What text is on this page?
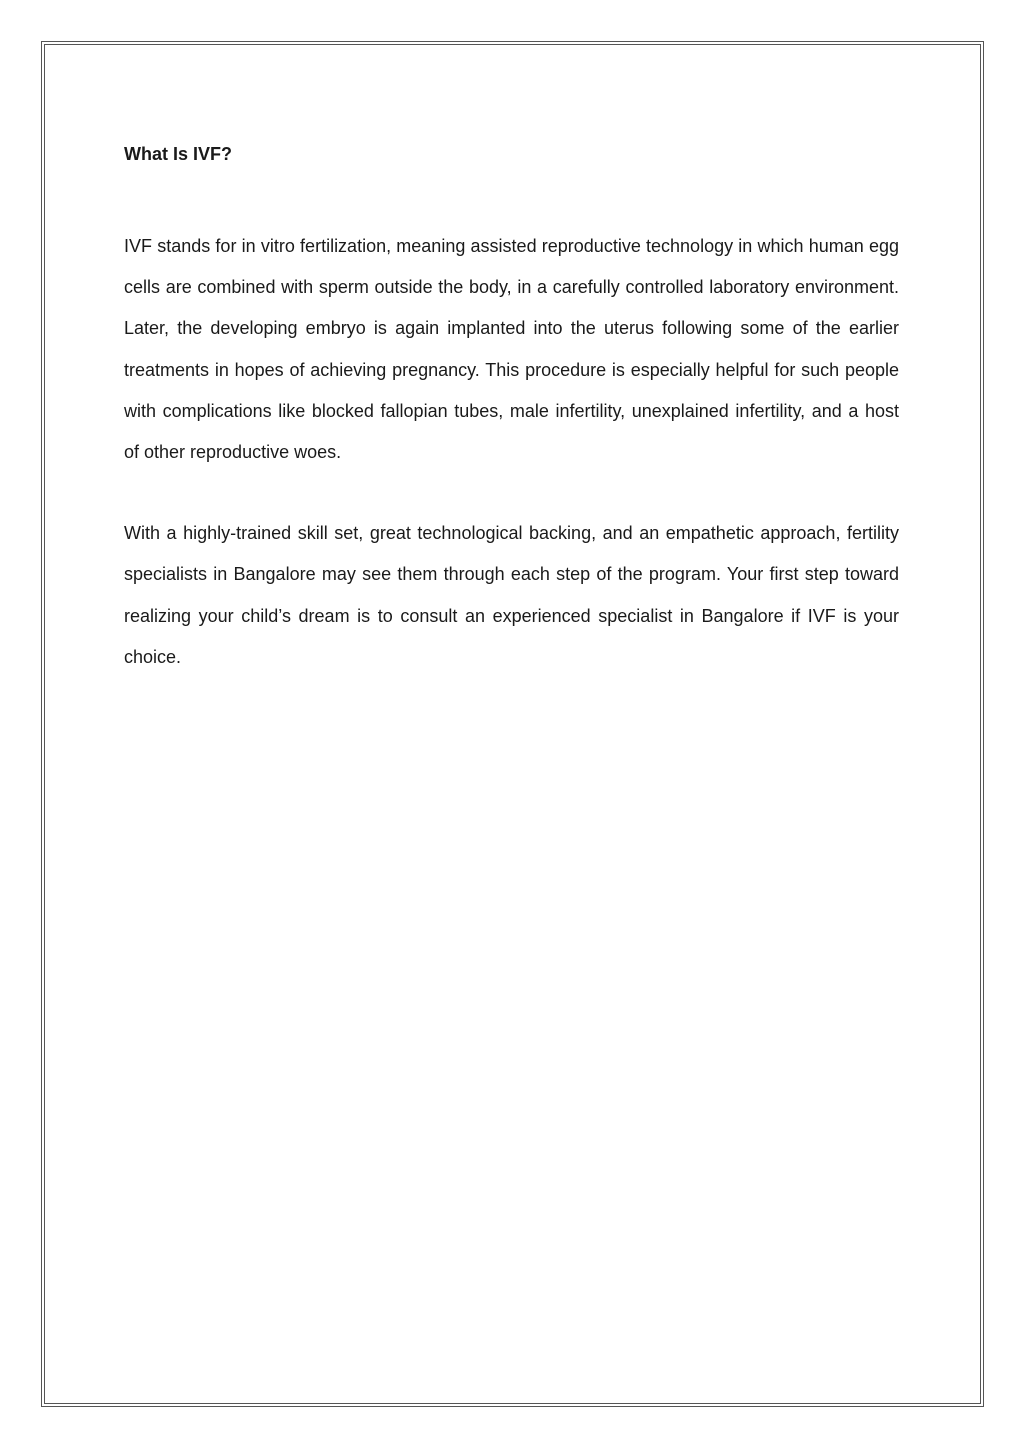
What Is IVF?

IVF stands for in vitro fertilization, meaning assisted reproductive technology in which human egg cells are combined with sperm outside the body, in a carefully controlled laboratory environment. Later, the developing embryo is again implanted into the uterus following some of the earlier treatments in hopes of achieving pregnancy. This procedure is especially helpful for such people with complications like blocked fallopian tubes, male infertility, unexplained infertility, and a host of other reproductive woes.

With a highly-trained skill set, great technological backing, and an empathetic approach, fertility specialists in Bangalore may see them through each step of the program. Your first step toward realizing your child’s dream is to consult an experienced specialist in Bangalore if IVF is your choice.
